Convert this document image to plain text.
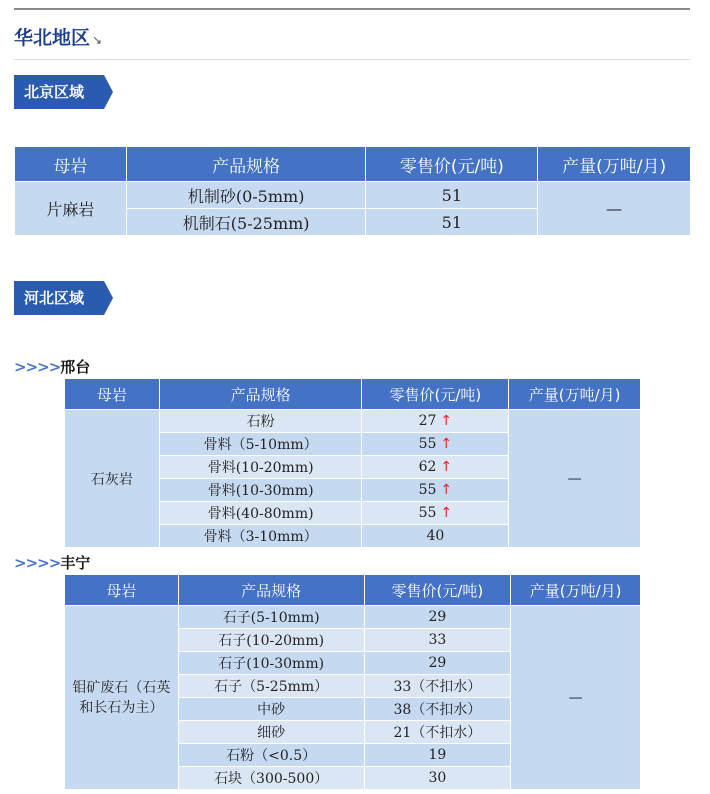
华北地区 ↘
北京区域
母岩	产品规格	零售价(元/吨)	产量(万吨/月)
片麻岩	机制砂(0-5mm)	51	—
	机制石(5-25mm)	51	
河北区域
>>>>邢台
母岩	产品规格	零售价(元/吨)	产量(万吨/月)
石灰岩	石粉	27 ↑	—
	骨料（5-10mm）	55 ↑	
	骨料(10-20mm)	62 ↑	
	骨料(10-30mm)	55 ↑	
	骨料(40-80mm)	55 ↑	
	骨料（3-10mm）	40	
>>>>丰宁
母岩	产品规格	零售价(元/吨)	产量(万吨/月)
钼矿废石（石英和长石为主）	石子(5-10mm)	29	—
	石子(10-20mm)	33	
	石子(10-30mm)	29	
	石子（5-25mm）	33（不扣水）	
	中砂	38（不扣水）	
	细砂	21（不扣水）	
	石粉（<0.5）	19	
	石块（300-500）	30	
